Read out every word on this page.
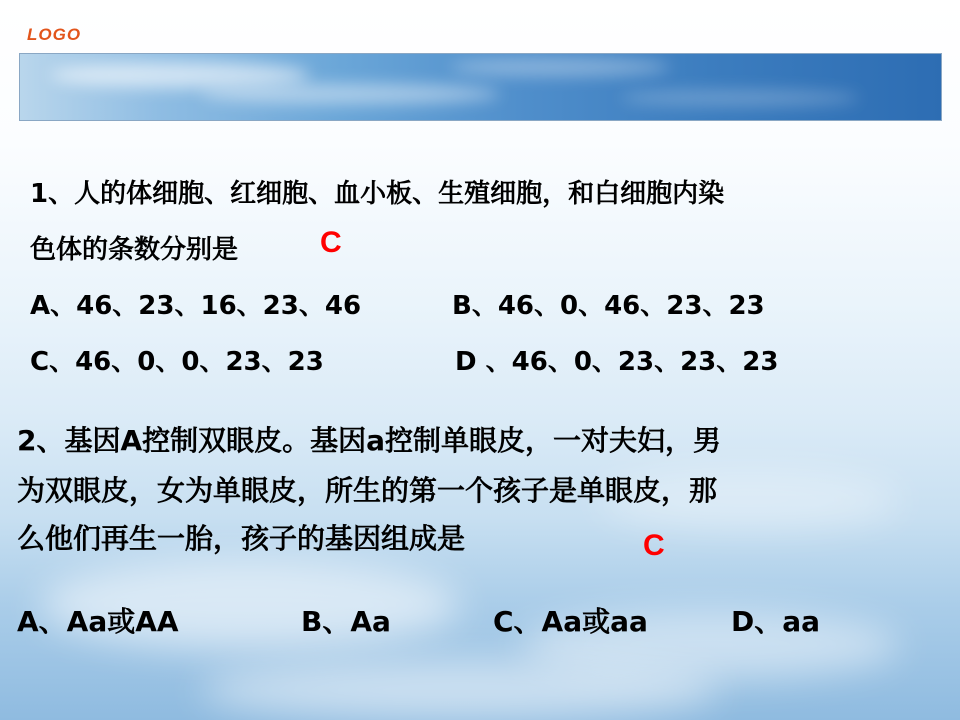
LOGO
1、人的体细胞、红细胞、血小板、生殖细胞，和白细胞内染
色体的条数分别是	C
A、46、23、16、23、46	B、46、0、46、23、23
C、46、0、0、23、23	D 、46、0、23、23、23
2、基因A控制双眼皮。基因a控制单眼皮，一对夫妇，男
为双眼皮，女为单眼皮，所生的第一个孩子是单眼皮，那
么他们再生一胎，孩子的基因组成是	C
A、Aa或AA	B、Aa	C、Aa或aa	D、aa
